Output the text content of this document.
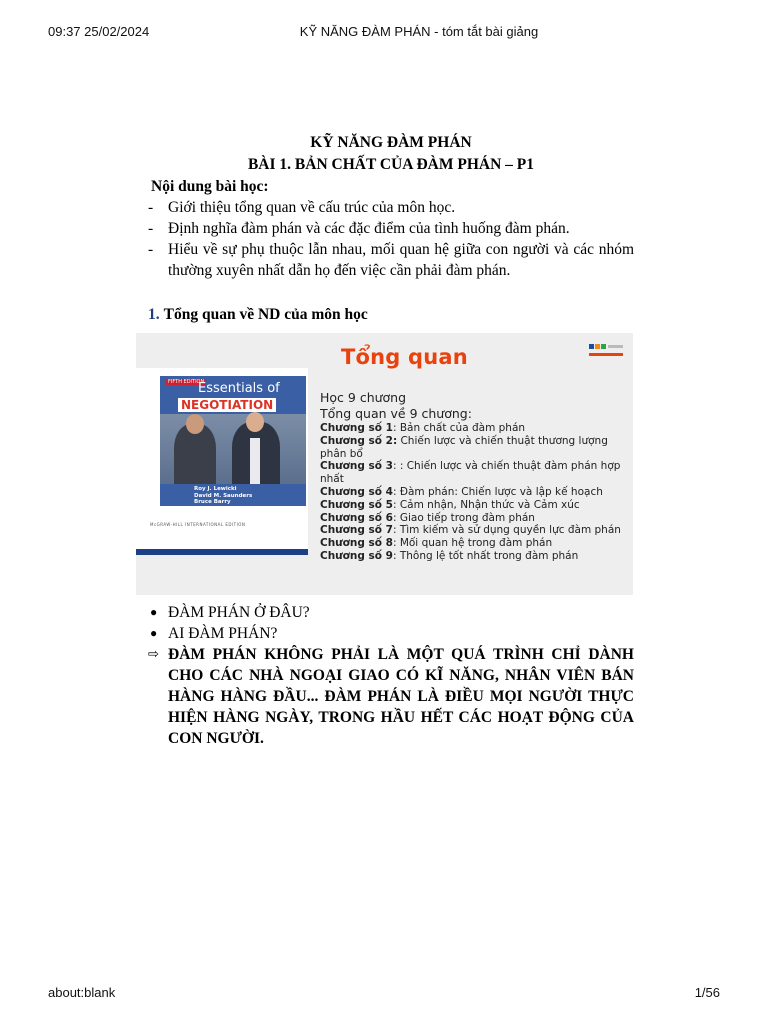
09:37 25/02/2024	KỸ NĂNG ĐÀM PHÁN - tóm tắt bài giảng
KỸ NĂNG ĐÀM PHÁN
BÀI 1. BẢN CHẤT CỦA ĐÀM PHÁN – P1
Nội dung bài học:
- Giới thiệu tổng quan về cấu trúc của môn học.
- Định nghĩa đàm phán và các đặc điểm của tình huống đàm phán.
- Hiểu về sự phụ thuộc lẫn nhau, mối quan hệ giữa con người và các nhóm thường xuyên nhất dẫn họ đến việc cần phải đàm phán.
1. Tổng quan về ND của môn học
Tổng quan
FIFTH EDITION
Essentials of
NEGOTIATION
Roy J. Lewicki
David M. Saunders
Bruce Barry
McGRAW-HILL INTERNATIONAL EDITION
Học 9 chương
Tổng quan về 9 chương:
Chương số 1: Bản chất của đàm phán
Chương số 2: Chiến lược và chiến thuật thương lượng phân bổ
Chương số 3: : Chiến lược và chiến thuật đàm phán hợp nhất
Chương số 4: Đàm phán: Chiến lược và lập kế hoạch
Chương số 5: Cảm nhận, Nhận thức và Cảm xúc
Chương số 6: Giao tiếp trong đàm phán
Chương số 7: Tìm kiếm và sử dụng quyền lực đàm phán
Chương số 8: Mối quan hệ trong đàm phán
Chương số 9: Thông lệ tốt nhất trong đàm phán
● ĐÀM PHÁN Ở ĐÂU?
● AI ĐÀM PHÁN?
⇨ ĐÀM PHÁN KHÔNG PHẢI LÀ MỘT QUÁ TRÌNH CHỈ DÀNH CHO CÁC NHÀ NGOẠI GIAO CÓ KĨ NĂNG, NHÂN VIÊN BÁN HÀNG HÀNG ĐẦU... ĐÀM PHÁN LÀ ĐIỀU MỌI NGƯỜI THỰC HIỆN HÀNG NGÀY, TRONG HẦU HẾT CÁC HOẠT ĐỘNG CỦA CON NGƯỜI.
about:blank	1/56
